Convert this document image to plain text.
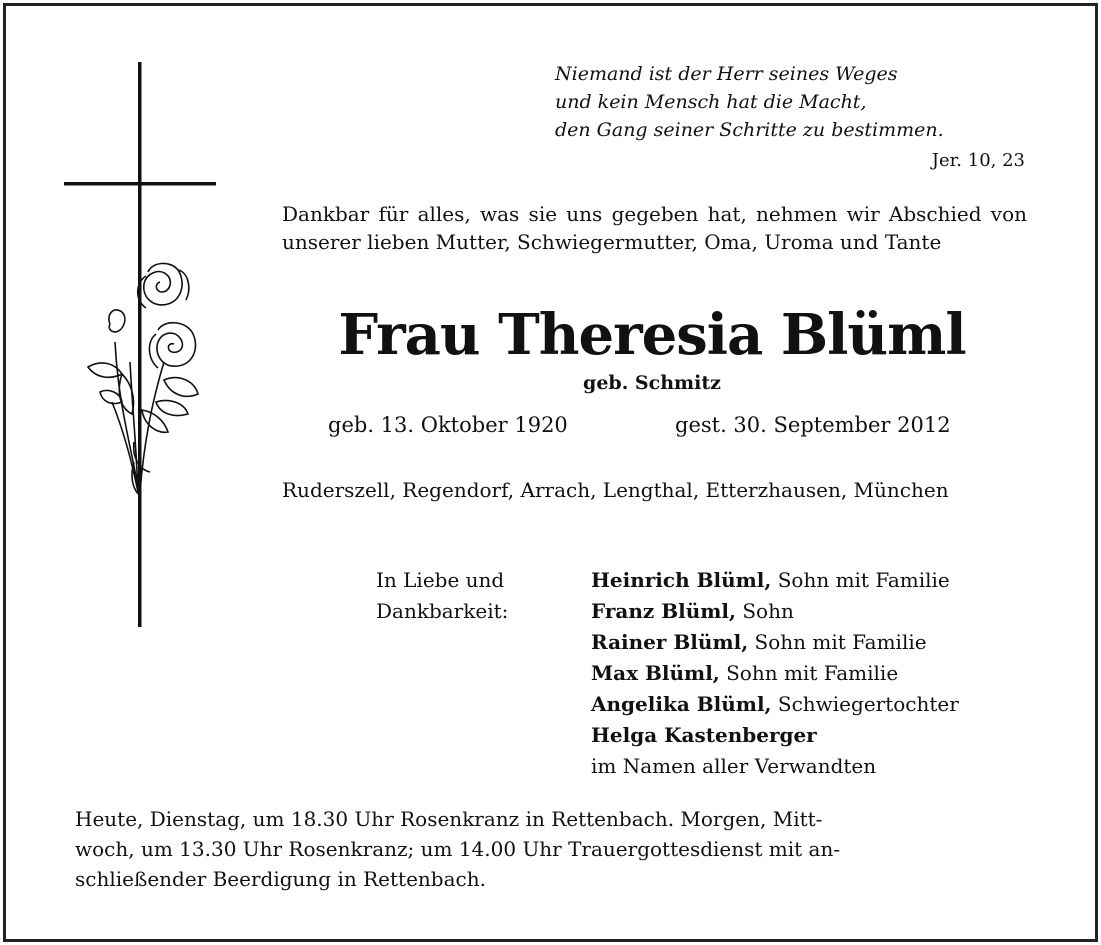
Niemand ist der Herr seines Weges
und kein Mensch hat die Macht,
den Gang seiner Schritte zu bestimmen.
Jer. 10, 23
Dankbar für alles, was sie uns gegeben hat, nehmen wir Abschied von unserer lieben Mutter, Schwiegermutter, Oma, Uroma und Tante
Frau Theresia Blüml
geb. Schmitz
geb. 13. Oktober 1920	gest. 30. September 2012
Ruderszell, Regendorf, Arrach, Lengthal, Etterzhausen, München
In Liebe und
Dankbarkeit:
Heinrich Blüml, Sohn mit Familie
Franz Blüml, Sohn
Rainer Blüml, Sohn mit Familie
Max Blüml, Sohn mit Familie
Angelika Blüml, Schwiegertochter
Helga Kastenberger
im Namen aller Verwandten
Heute, Dienstag, um 18.30 Uhr Rosenkranz in Rettenbach. Morgen, Mitt-
woch, um 13.30 Uhr Rosenkranz; um 14.00 Uhr Trauergottesdienst mit an-
schließender Beerdigung in Rettenbach.
